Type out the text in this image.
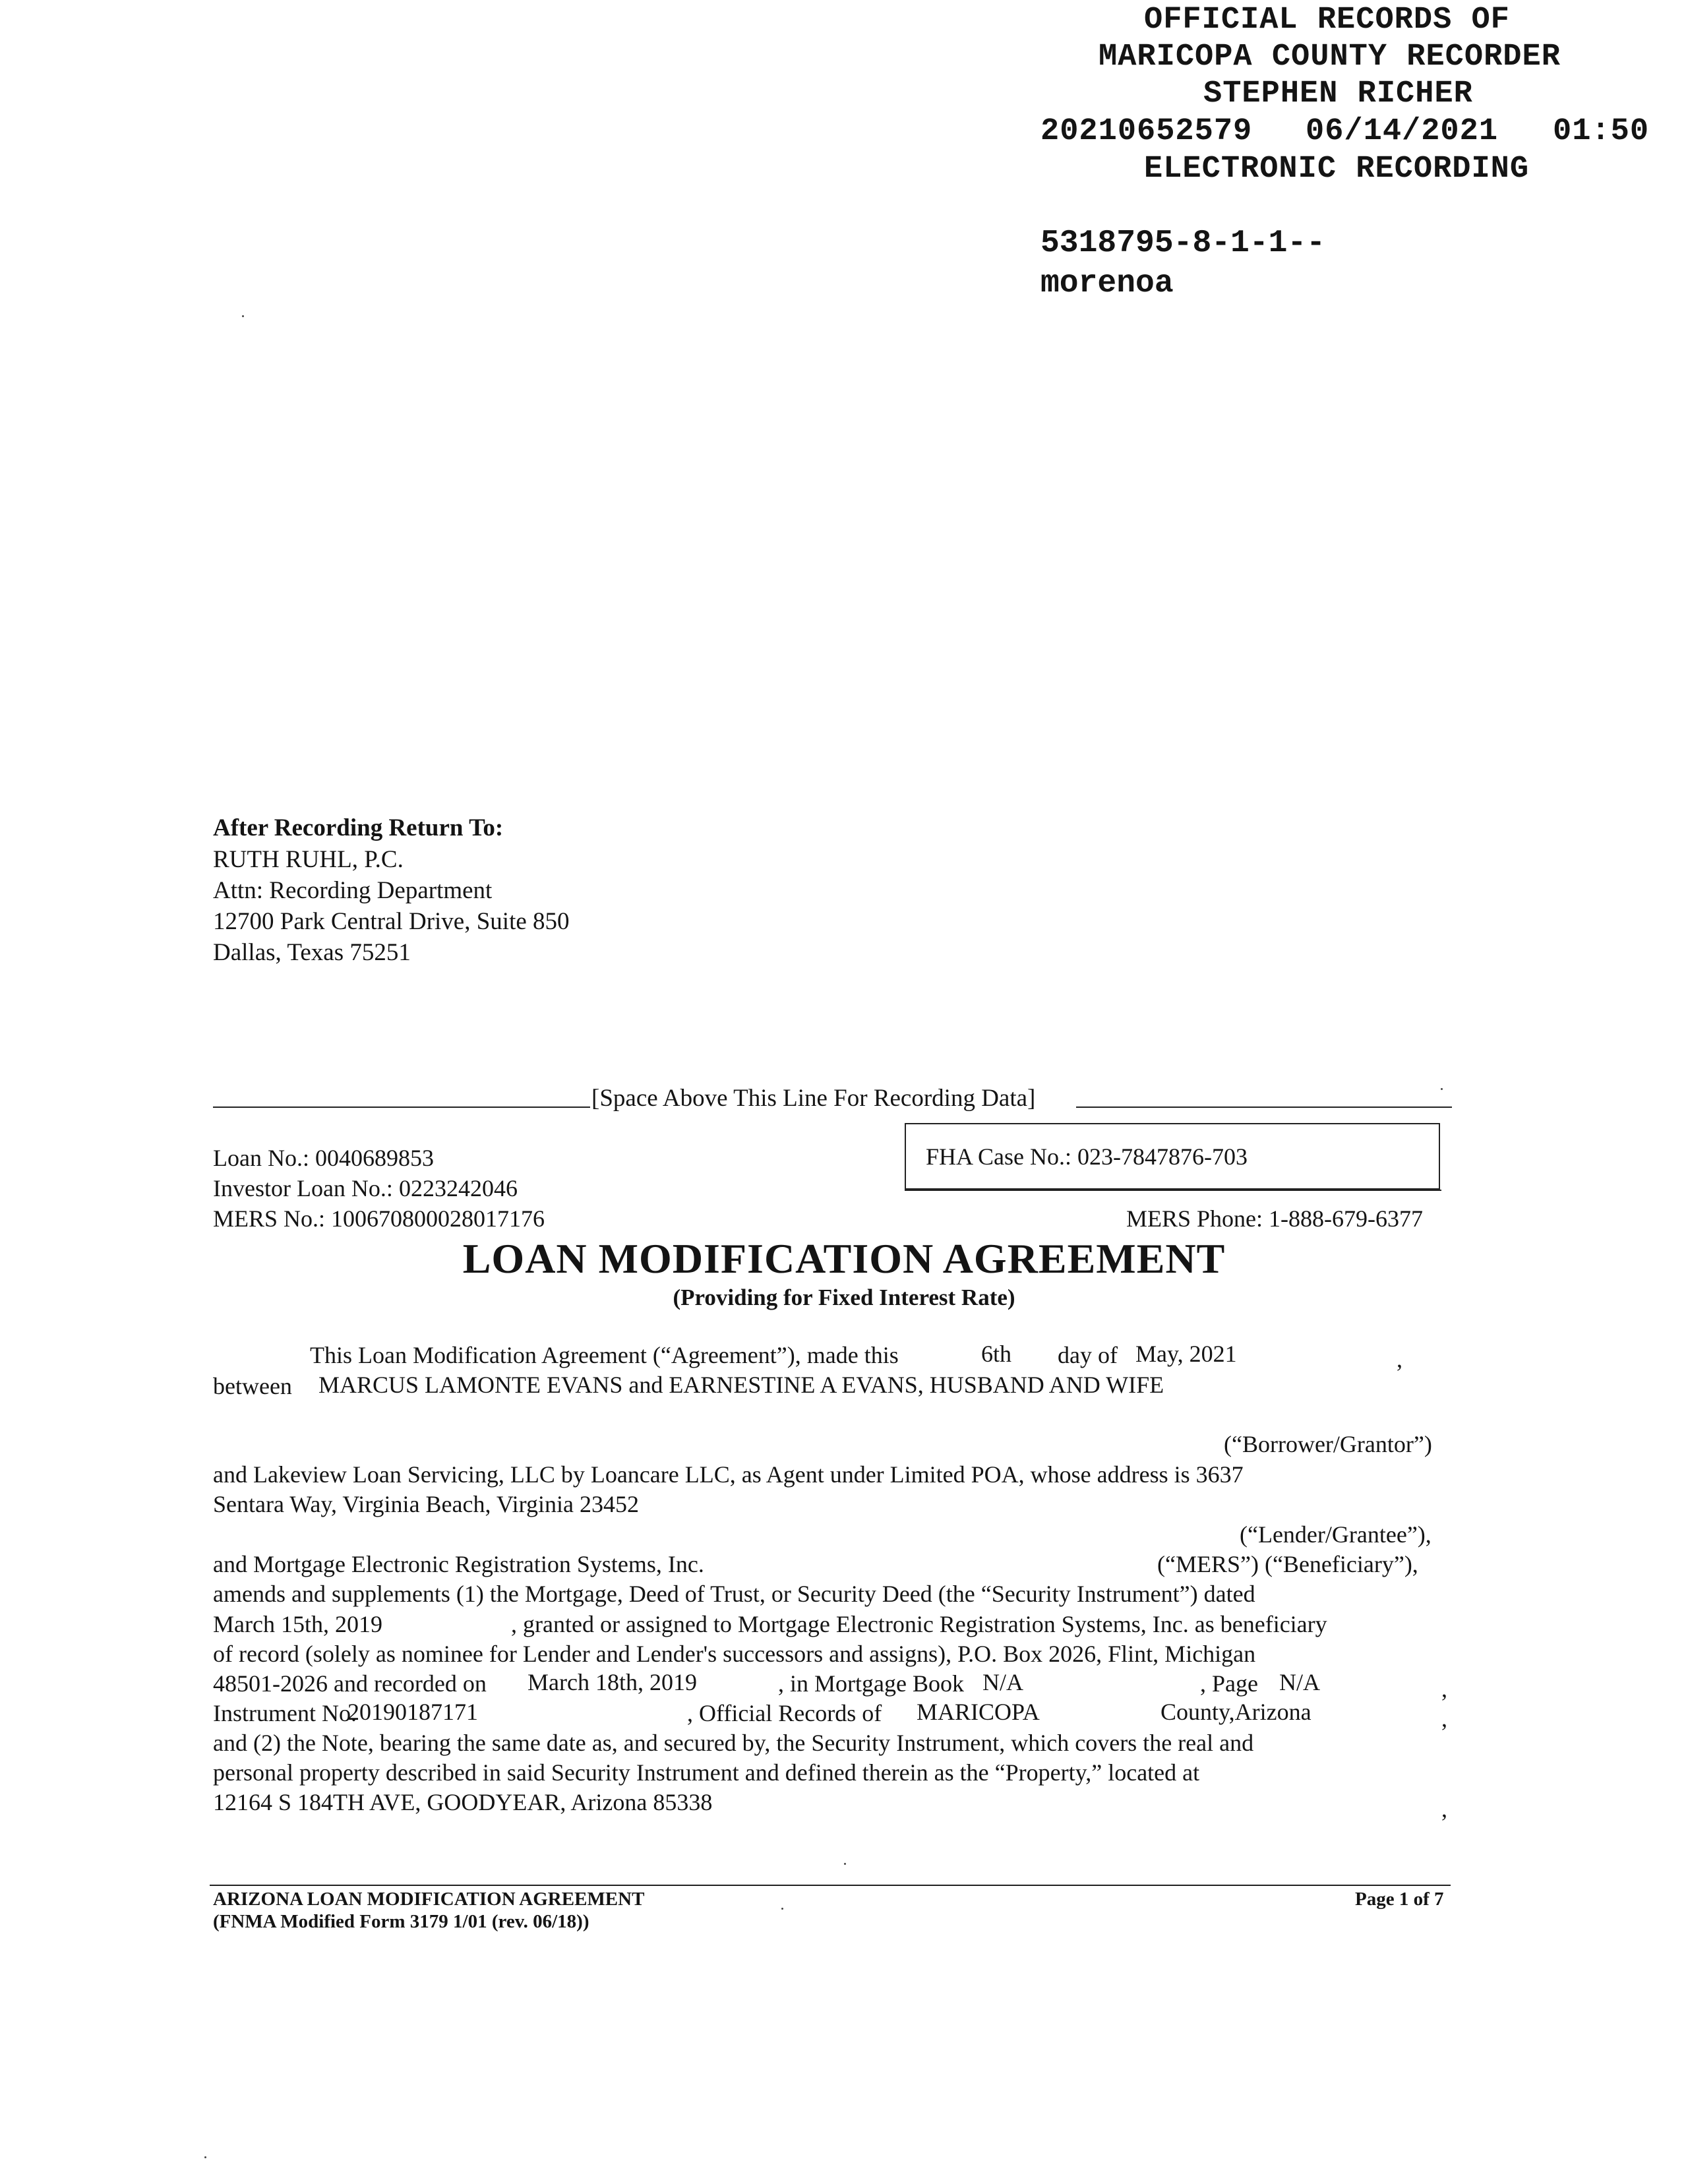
OFFICIAL RECORDS OF
MARICOPA COUNTY RECORDER
STEPHEN RICHER
20210652579 06/14/2021 01:50
ELECTRONIC RECORDING
5318795-8-1-1--
morenoa
After Recording Return To:
RUTH RUHL, P.C.
Attn: Recording Department
12700 Park Central Drive, Suite 850
Dallas, Texas 75251
[Space Above This Line For Recording Data]
Loan No.: 0040689853
Investor Loan No.: 0223242046
MERS No.: 100670800028017176
FHA Case No.: 023-7847876-703
MERS Phone: 1-888-679-6377
LOAN MODIFICATION AGREEMENT
(Providing for Fixed Interest Rate)
This Loan Modification Agreement (“Agreement”), made this	6th day of May, 2021	,
between MARCUS LAMONTE EVANS and EARNESTINE A EVANS, HUSBAND AND WIFE
(“Borrower/Grantor”)
and Lakeview Loan Servicing, LLC by Loancare LLC, as Agent under Limited POA, whose address is 3637
Sentara Way, Virginia Beach, Virginia 23452
(“Lender/Grantee”),
and Mortgage Electronic Registration Systems, Inc.	(“MERS”) (“Beneficiary”),
amends and supplements (1) the Mortgage, Deed of Trust, or Security Deed (the “Security Instrument”) dated
March 15th, 2019	, granted or assigned to Mortgage Electronic Registration Systems, Inc. as beneficiary
of record (solely as nominee for Lender and Lender's successors and assigns), P.O. Box 2026, Flint, Michigan
48501-2026 and recorded on March 18th, 2019	, in Mortgage Book N/A	, Page N/A	,
Instrument No.
20190187171	, Official Records of MARICOPA	County,Arizona	,
and (2) the Note, bearing the same date as, and secured by, the Security Instrument, which covers the real and
personal property described in said Security Instrument and defined therein as the “Property,” located at
12164 S 184TH AVE, GOODYEAR, Arizona 85338	,
ARIZONA LOAN MODIFICATION AGREEMENT
(FNMA Modified Form 3179 1/01 (rev. 06/18))
Page 1 of 7
